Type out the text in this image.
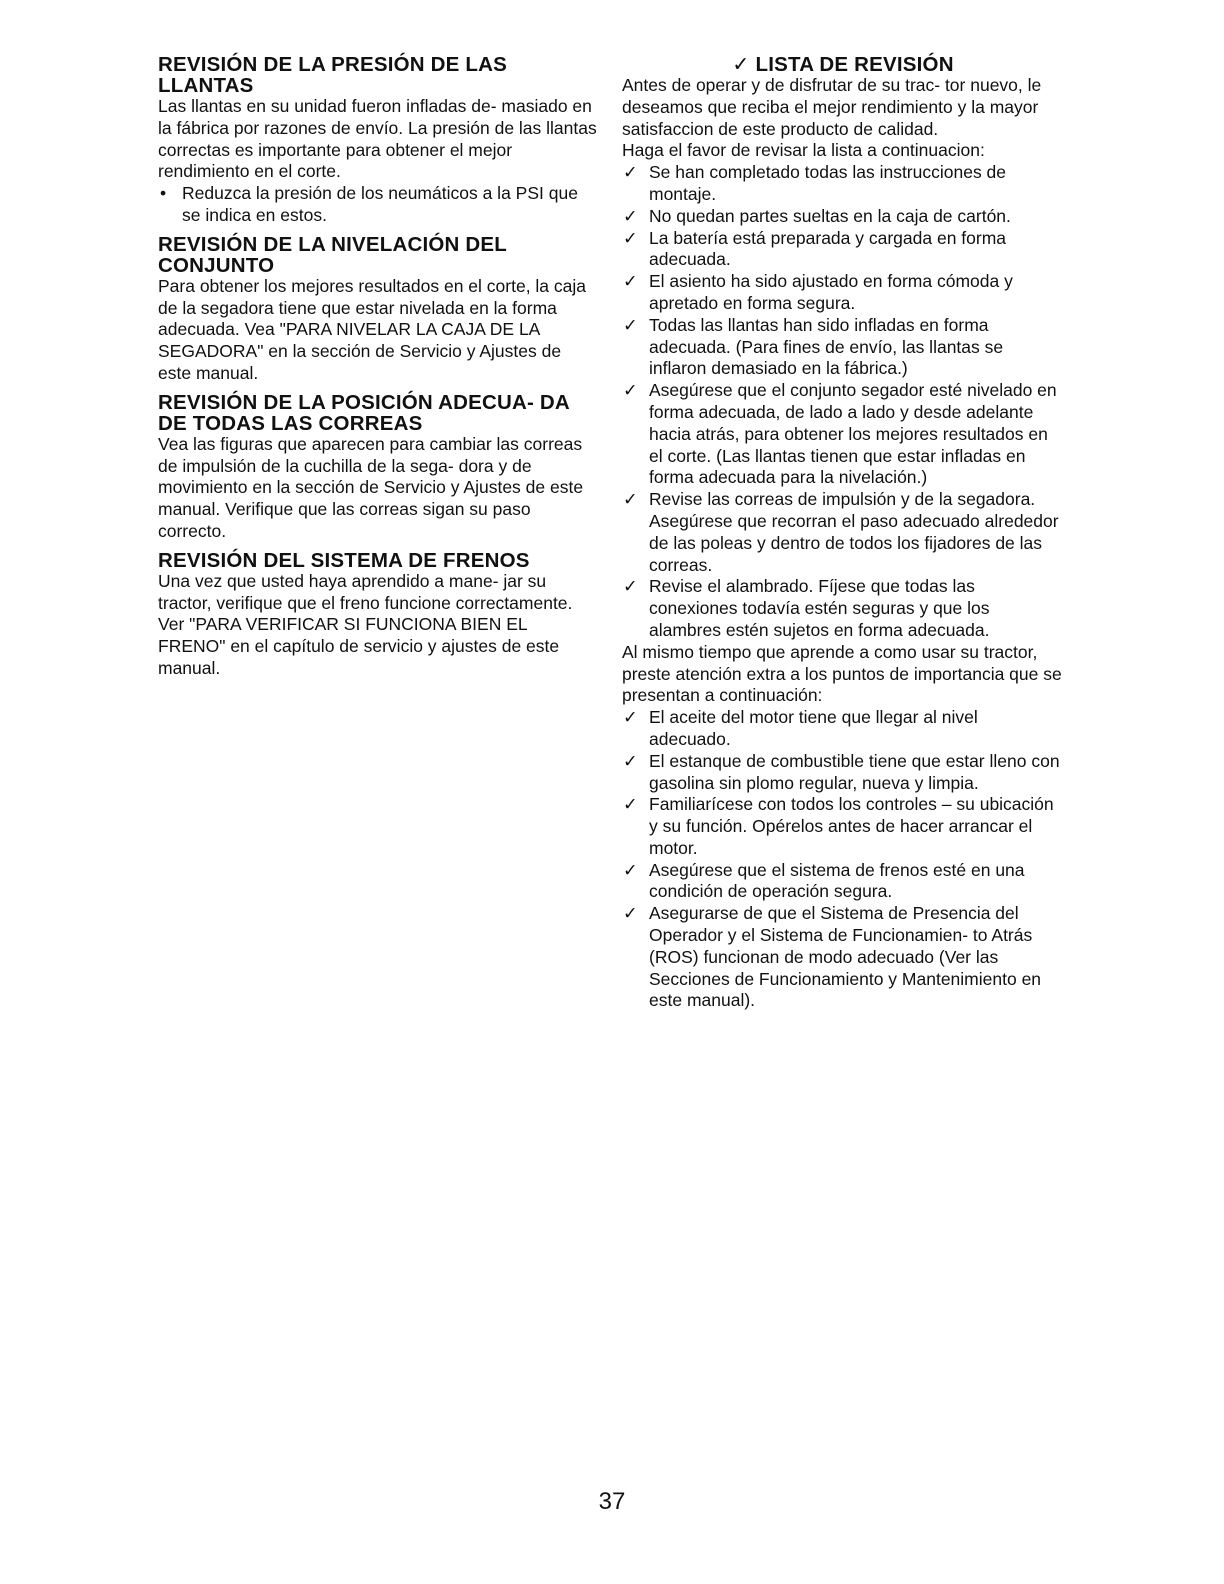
REVISIÓN DE LA PRESIÓN DE LAS LLANTAS

Las llantas en su unidad fueron infladas de- masiado en la fábrica por razones de envío. La presión de las llantas correctas es importante para obtener el mejor rendimiento en el corte.

• Reduzca la presión de los neumáticos a la PSI que se indica en estos.
REVISIÓN DE LA NIVELACIÓN DEL CONJUNTO

Para obtener los mejores resultados en el corte, la caja de la segadora tiene que estar nivelada en la forma adecuada. Vea "PARA NIVELAR LA CAJA DE LA SEGADORA" en la sección de Servicio y Ajustes de este manual.

REVISIÓN DE LA POSICIÓN ADECUA- DA DE TODAS LAS CORREAS

Vea las figuras que aparecen para cambiar las correas de impulsión de la cuchilla de la sega- dora y de movimiento en la sección de Servicio y Ajustes de este manual. Verifique que las correas sigan su paso correcto.

REVISIÓN DEL SISTEMA DE FRENOS

Una vez que usted haya aprendido a mane- jar su tractor, verifique que el freno funcione correctamente. Ver "PARA VERIFICAR SI FUNCIONA BIEN EL FRENO" en el capítulo de servicio y ajustes de este manual.

✓ LISTA DE REVISIÓN

Antes de operar y de disfrutar de su trac- tor nuevo, le deseamos que reciba el mejor rendimiento y la mayor satisfaccion de este producto de calidad.

Haga el favor de revisar la lista a continuacion:

✓ Se han completado todas las instrucciones de montaje.
✓ No quedan partes sueltas en la caja de cartón.
✓ La batería está preparada y cargada en forma adecuada.
✓ El asiento ha sido ajustado en forma cómoda y apretado en forma segura.
✓ Todas las llantas han sido infladas en forma adecuada. (Para fines de envío, las llantas se inflaron demasiado en la fábrica.)
✓ Asegúrese que el conjunto segador esté nivelado en forma adecuada, de lado a lado y desde adelante hacia atrás, para obtener los mejores resultados en el corte. (Las llantas tienen que estar infladas en forma adecuada para la nivelación.)
✓ Revise las correas de impulsión y de la segadora. Asegúrese que recorran el paso adecuado alrededor de las poleas y dentro de todos los fijadores de las correas.
✓ Revise el alambrado. Fíjese que todas las conexiones todavía estén seguras y que los alambres estén sujetos en forma adecuada.

Al mismo tiempo que aprende a como usar su tractor, preste atención extra a los puntos de importancia que se presentan a continuación:

✓ El aceite del motor tiene que llegar al nivel adecuado.
✓ El estanque de combustible tiene que estar lleno con gasolina sin plomo regular, nueva y limpia.
✓ Familiarícese con todos los controles – su ubicación y su función. Opérelos antes de hacer arrancar el motor.
✓ Asegúrese que el sistema de frenos esté en una condición de operación segura.
✓ Asegurarse de que el Sistema de Presencia del Operador y el Sistema de Funcionamien- to Atrás (ROS) funcionan de modo adecuado (Ver las Secciones de Funcionamiento y Mantenimiento en este manual).
37
